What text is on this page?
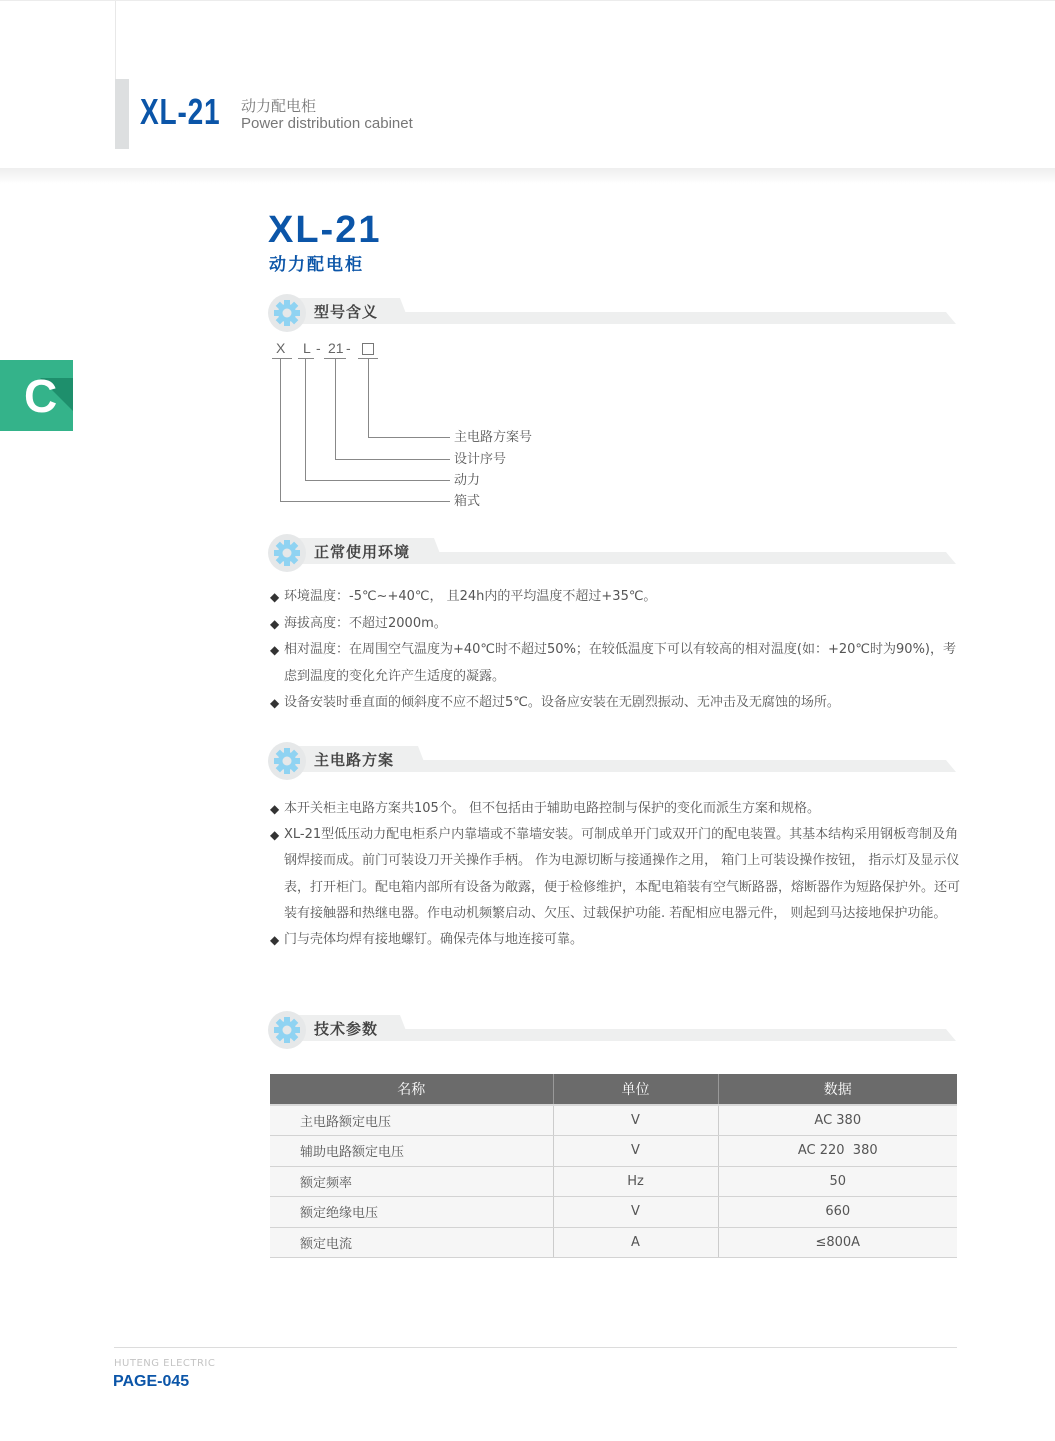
XL-21 动力配电柜
Power distribution cabinet
C
XL-21
动力配电柜
型号含义
X L - 21 -
主电路方案号
设计序号
动力
箱式
正常使用环境
◆ 环境温度：-5℃~+40℃， 且24h内的平均温度不超过+35℃。
◆ 海拔高度：不超过2000m。
◆ 相对温度：在周围空气温度为+40℃时不超过50%；在较低温度下可以有较高的相对温度(如：+20℃时为90%)，考虑到温度的变化允许产生适度的凝露。
◆ 设备安装时垂直面的倾斜度不应不超过5℃。设备应安装在无剧烈振动、无冲击及无腐蚀的场所。
主电路方案
◆ 本开关柜主电路方案共105个。 但不包括由于辅助电路控制与保护的变化而派生方案和规格。
◆ XL-21型低压动力配电柜系户内靠墙或不靠墙安装。可制成单开门或双开门的配电装置。其基本结构采用钢板弯制及角钢焊接而成。前门可装设刀开关操作手柄。 作为电源切断与接通操作之用， 箱门上可装设操作按钮， 指示灯及显示仪表，打开柜门。配电箱内部所有设备为敞露，便于检修维护，本配电箱装有空气断路器，熔断器作为短路保护外。还可装有接触器和热继电器。作电动机频繁启动、欠压、过载保护功能. 若配相应电器元件， 则起到马达接地保护功能。
◆ 门与壳体均焊有接地螺钉。确保壳体与地连接可靠。
技术参数
名称	单位	数据
主电路额定电压	V	AC 380
辅助电路额定电压	V	AC 220  380
额定频率	Hz	50
额定绝缘电压	V	660
额定电流	A	≤800A
HUTENG ELECTRIC
PAGE-045
